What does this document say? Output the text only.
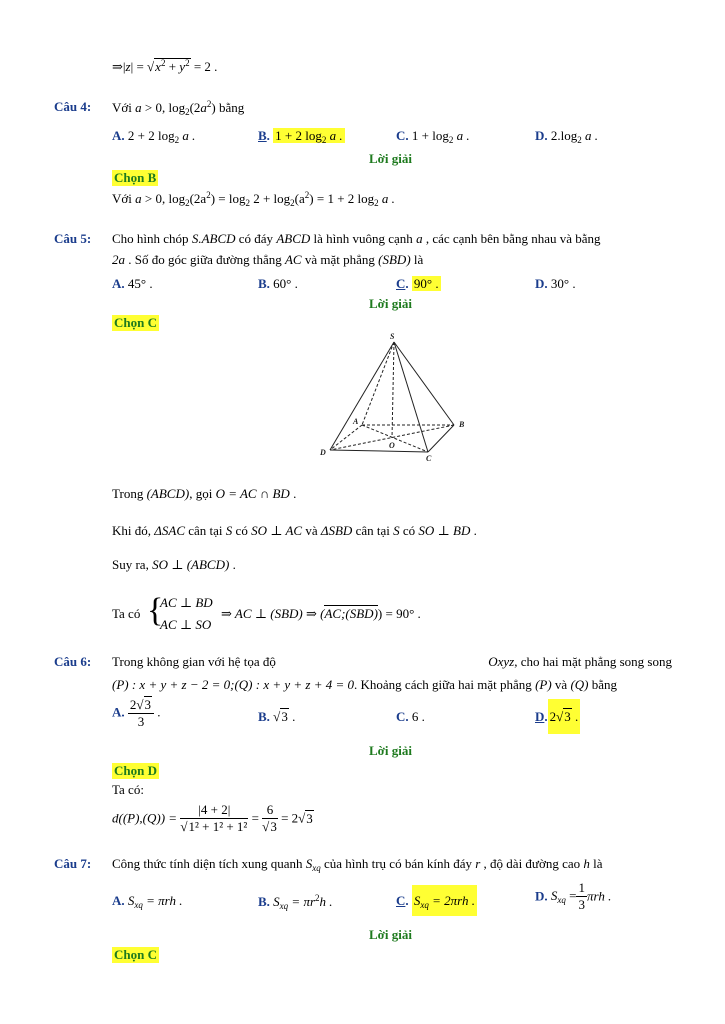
⇒|z| = $√x^2 + y^2 = 2$ .
Câu 4: Với a > 0, $\log_2(2a^2)$ bằng
A. 2 + 2 $\log_2 a$ .	B. 1 + 2 $\log_2 a$ .	C. $1 + \log_2 a$ .	D. $2.\log_2$ a .
Lời giải
Chọn B
Với a > 0, $\log_2(2a^2) = \log_2 2 + \log_2(a^2) = 1 + 2$ $\log_2 a$ .
Câu 5: Cho hình chóp S.ABCD có đáy ABCD là hình vuông cạnh a , các cạnh bên bằng nhau và bằng
2a . Số đo góc giữa đường thẳng AC và mặt phẳng (SBD) là
A. 45° .	B. 60° .	C. 90° .	D. 30° .
Lời giải
Chọn C
S
A	B
C
D
O
Trong (ABCD), gọi O = AC ∩ BD .
Khi đó, ΔSAC cân tại S có SO ⊥ AC và ΔSBD cân tại S có SO ⊥ BD .
Suy ra, SO ⊥ (ABCD) .
Ta có {
AC ⊥ BD
AC ⊥ SO
⇒ AC ⊥ (SBD) ⇒ (AC;(SBD)) = 90° .
Câu 6: Trong không gian với hệ tọa độ	Oxyz, cho hai mặt phẳng song song
(P) : x + y + z − 2 = 0;(Q) : x + y + z + 4 = 0. Khoảng cách giữa hai mặt phẳng (P) và (Q) bằng
A. $\frac{2√3}{3}$ .	B. √3 .	C. 6 .	D. 2√3 .
Lời giải
Chọn D
Ta có:
$d((P),(Q)) = \frac{|4 + 2|}{\text{√1² + 1² + 1²}} = \frac{6}{√3} = 2√3$
Câu 7: Công thức tính diện tích xung quanh $S_{xq}$ của hình trụ có bán kính đáy r , độ dài đường cao h là
A. $S_{xq} = \pi rh$ .	B. $S_{xq} = \pi r^2h$ .	C. $S_{xq} = 2\pi rh$ .	D. $S_{xq} = \frac{1}{3}$ πrh .
Lời giải
Chọn C
